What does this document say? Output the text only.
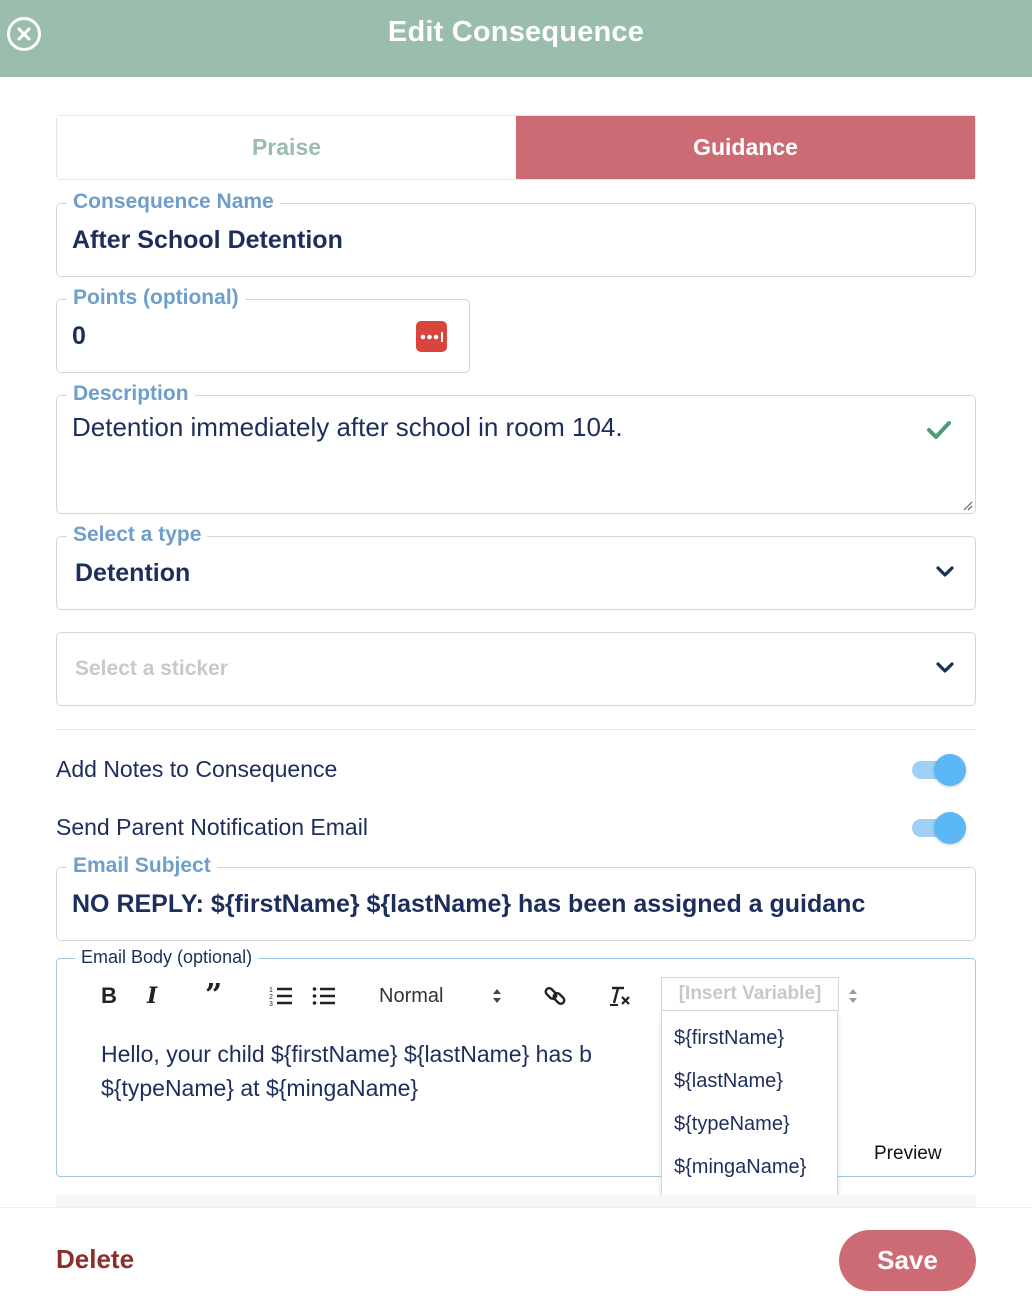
Edit Consequence
Praise	Guidance
Consequence Name
After School Detention
Points (optional)
0
Description
Detention immediately after school in room 104.
Select a type
Detention
Select a sticker
Add Notes to Consequence
Send Parent Notification Email
Email Subject
NO REPLY: ${firstName} ${lastName} has been assigned a guidanc
Email Body (optional)
B I ”	1
2
3	Normal	[Insert Variable]
Hello, your child ${firstName} ${lastName} has b
${typeName} at ${mingaName}
Preview
${firstName}
${lastName}
${typeName}
${mingaName}
Delete	Save
